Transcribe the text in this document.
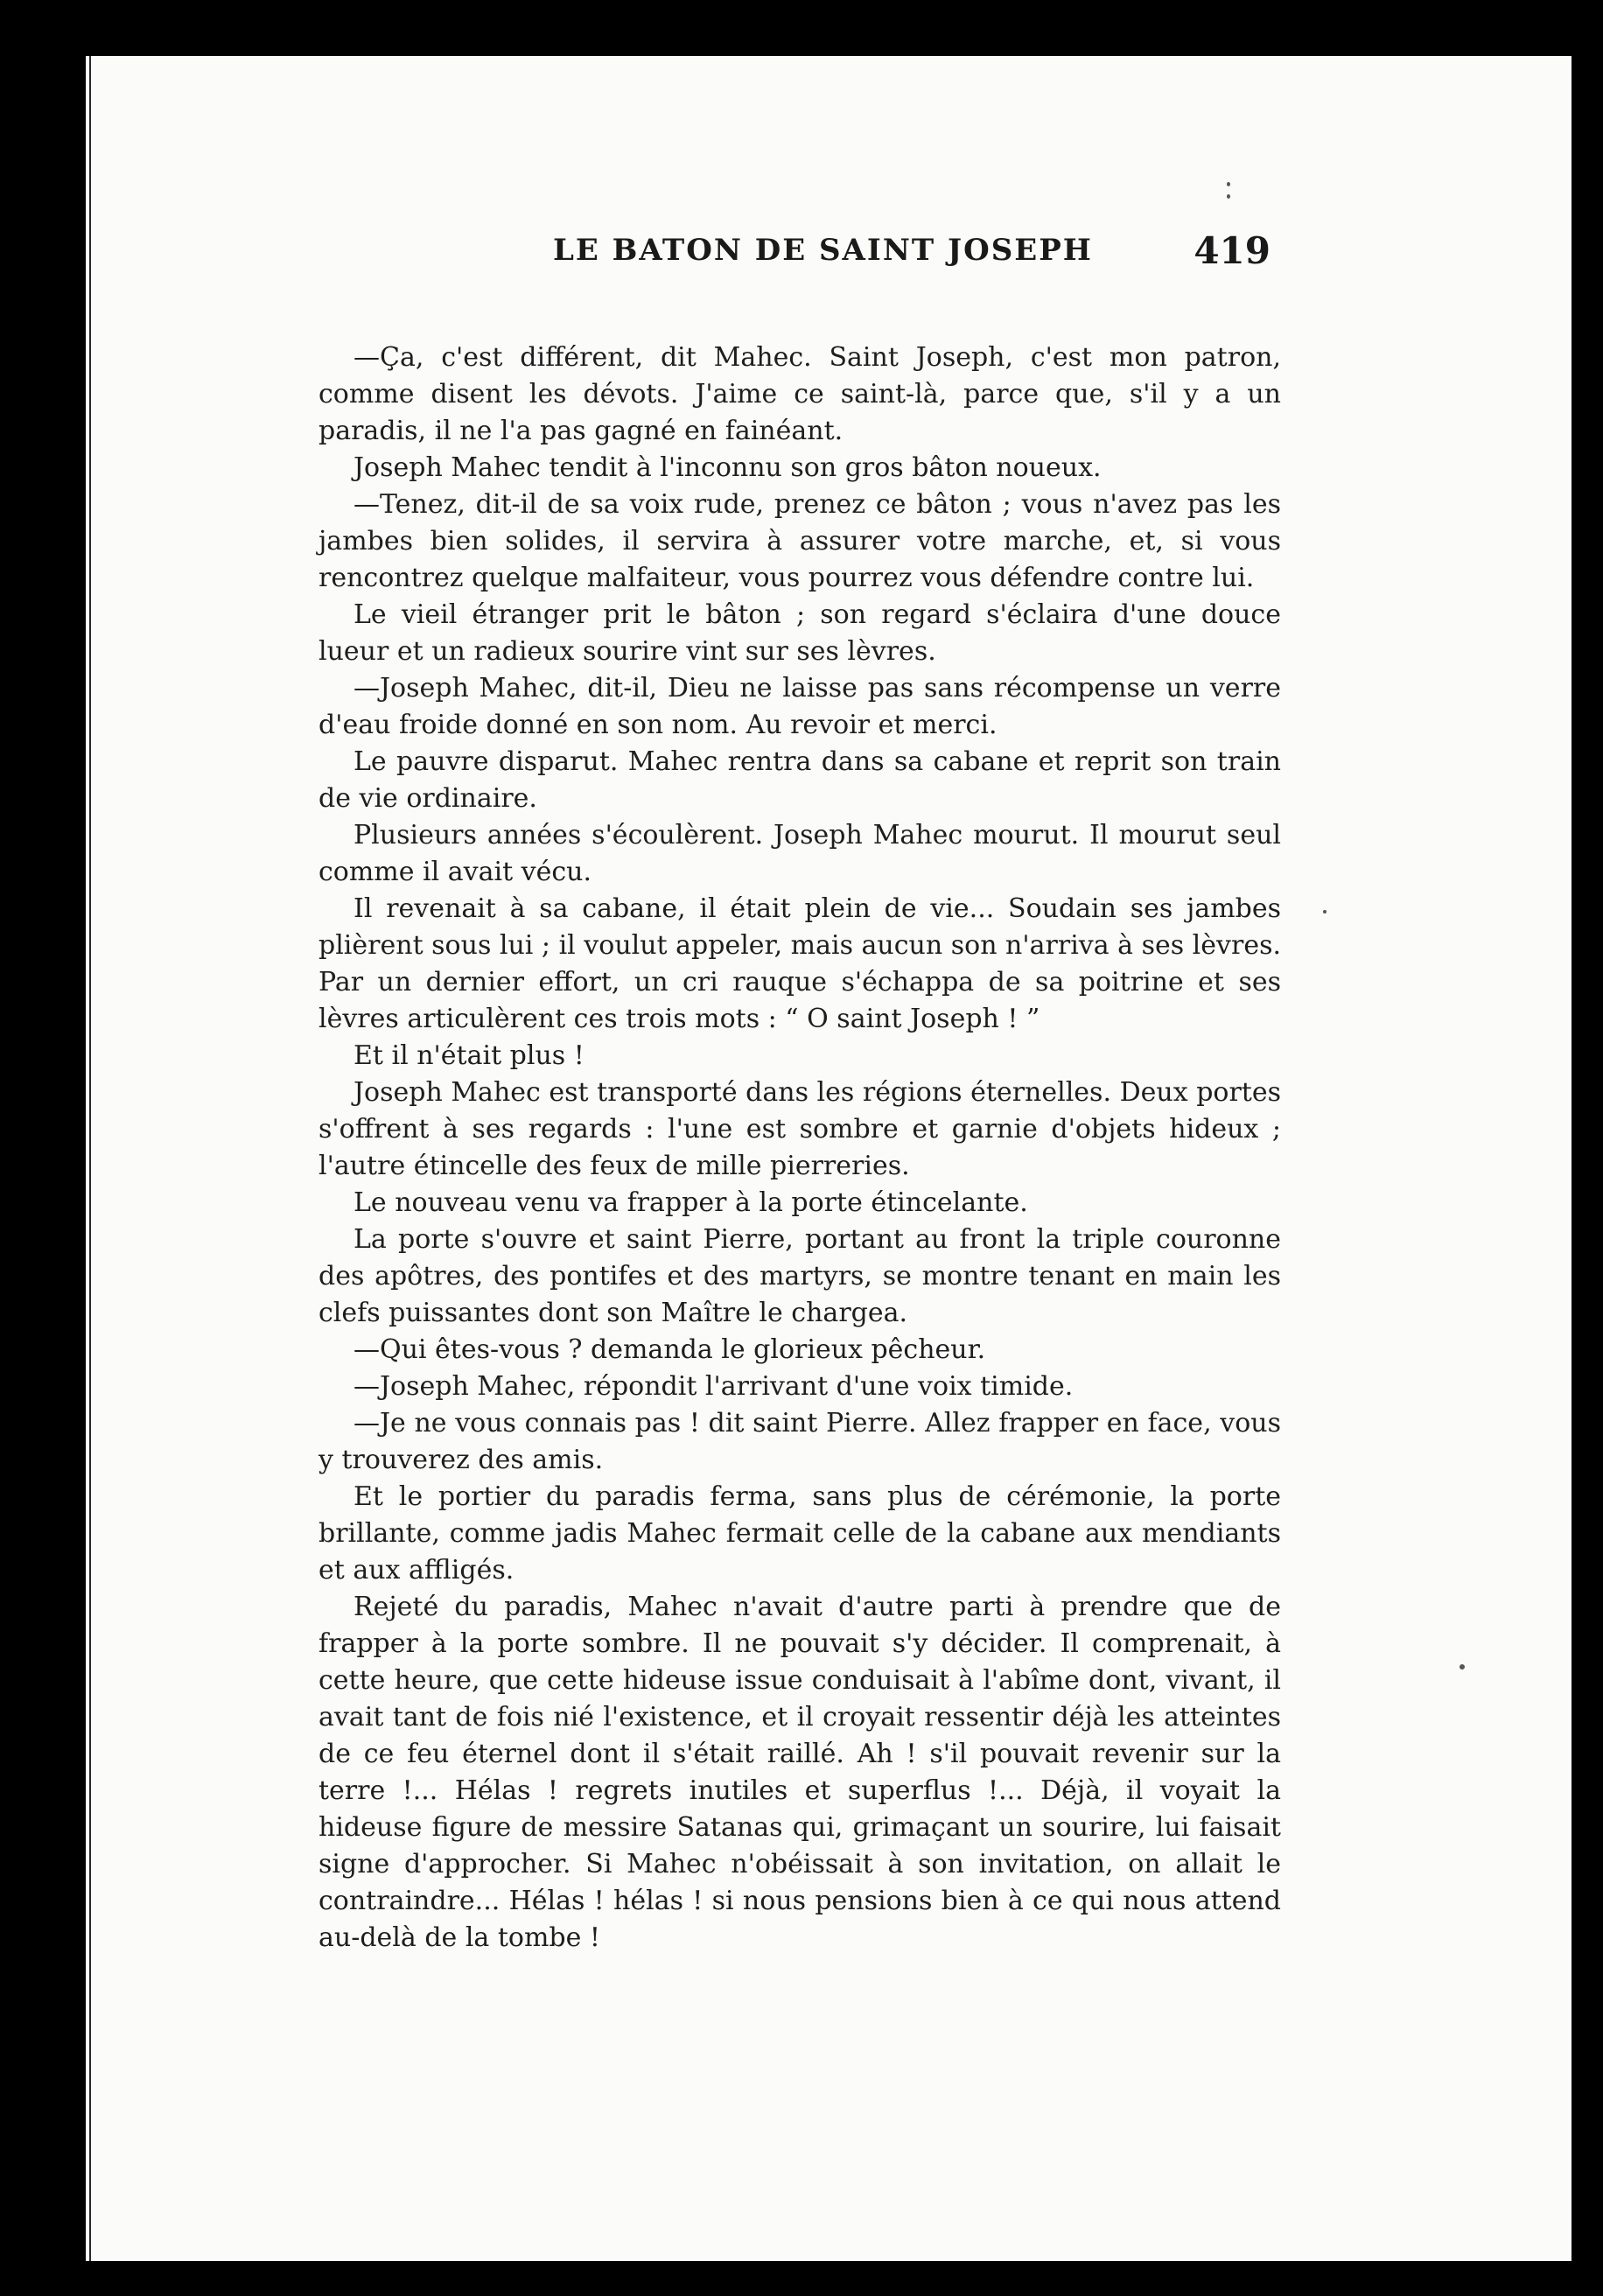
LE BATON DE SAINT JOSEPH	419

—Ça, c'est différent, dit Mahec. Saint Joseph, c'est mon patron, comme disent les dévots. J'aime ce saint-là, parce que, s'il y a un paradis, il ne l'a pas gagné en fainéant.

Joseph Mahec tendit à l'inconnu son gros bâton noueux.

—Tenez, dit-il de sa voix rude, prenez ce bâton ; vous n'avez pas les jambes bien solides, il servira à assurer votre marche, et, si vous rencontrez quelque malfaiteur, vous pourrez vous défendre contre lui.

Le vieil étranger prit le bâton ; son regard s'éclaira d'une douce lueur et un radieux sourire vint sur ses lèvres.

—Joseph Mahec, dit-il, Dieu ne laisse pas sans récompense un verre d'eau froide donné en son nom. Au revoir et merci.

Le pauvre disparut. Mahec rentra dans sa cabane et reprit son train de vie ordinaire.

Plusieurs années s'écoulèrent. Joseph Mahec mourut. Il mourut seul comme il avait vécu.

Il revenait à sa cabane, il était plein de vie... Soudain ses jambes plièrent sous lui ; il voulut appeler, mais aucun son n'arriva à ses lèvres. Par un dernier effort, un cri rauque s'échappa de sa poitrine et ses lèvres articulèrent ces trois mots : “ O saint Joseph ! ”

Et il n'était plus !

Joseph Mahec est transporté dans les régions éternelles. Deux portes s'offrent à ses regards : l'une est sombre et garnie d'objets hideux ; l'autre étincelle des feux de mille pierreries.

Le nouveau venu va frapper à la porte étincelante.

La porte s'ouvre et saint Pierre, portant au front la triple couronne des apôtres, des pontifes et des martyrs, se montre tenant en main les clefs puissantes dont son Maître le chargea.

—Qui êtes-vous ? demanda le glorieux pêcheur.

—Joseph Mahec, répondit l'arrivant d'une voix timide.

—Je ne vous connais pas ! dit saint Pierre. Allez frapper en face, vous y trouverez des amis.

Et le portier du paradis ferma, sans plus de cérémonie, la porte brillante, comme jadis Mahec fermait celle de la cabane aux mendiants et aux affligés.

Rejeté du paradis, Mahec n'avait d'autre parti à prendre que de frapper à la porte sombre. Il ne pouvait s'y décider. Il comprenait, à cette heure, que cette hideuse issue conduisait à l'abîme dont, vivant, il avait tant de fois nié l'existence, et il croyait ressentir déjà les atteintes de ce feu éternel dont il s'était raillé. Ah ! s'il pouvait revenir sur la terre !... Hélas ! regrets inutiles et superflus !... Déjà, il voyait la hideuse figure de messire Satanas qui, grimaçant un sourire, lui faisait signe d'approcher. Si Mahec n'obéissait à son invitation, on allait le contraindre... Hélas ! hélas ! si nous pensions bien à ce qui nous attend au-delà de la tombe !
